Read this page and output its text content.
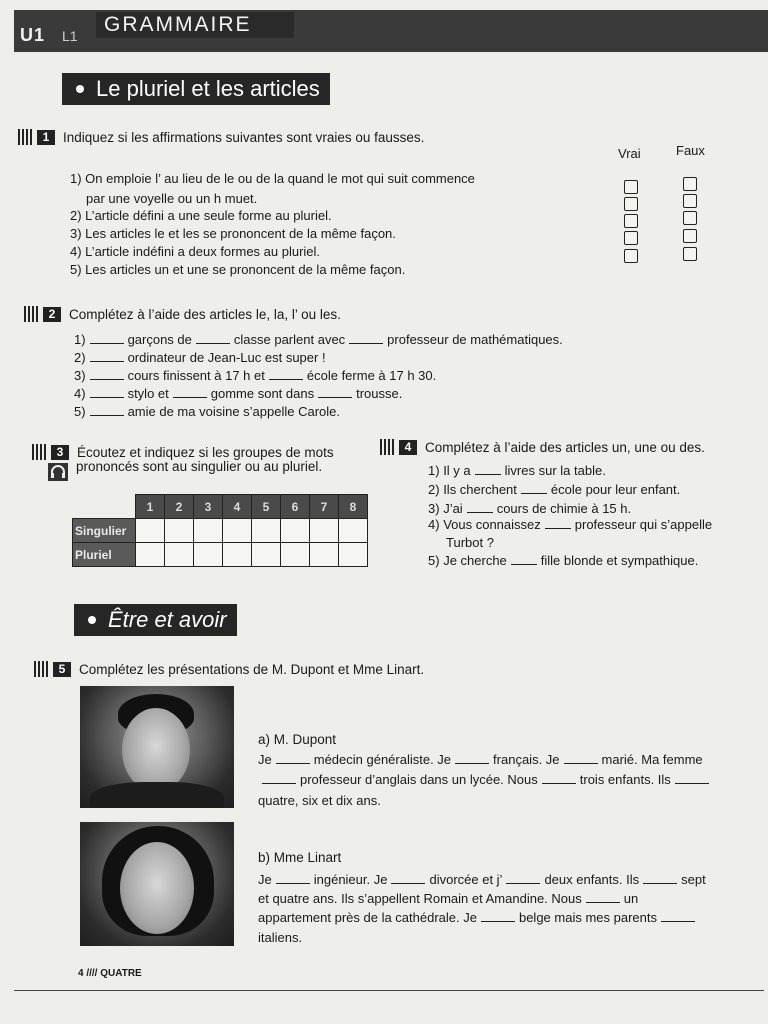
U1 L1	GRAMMAIRE
Le pluriel et les articles
1	Indiquez si les affirmations suivantes sont vraies ou fausses.
Vrai	Faux
1) On emploie l’ au lieu de le ou de la quand le mot qui suit commence
par une voyelle ou un h muet.
2) L’article défini a une seule forme au pluriel.
3) Les articles le et les se prononcent de la même façon.
4) L’article indéfini a deux formes au pluriel.
5) Les articles un et une se prononcent de la même façon.
2	Complétez à l’aide des articles le, la, l’ ou les.
1)	garçons de	classe parlent avec	professeur de mathématiques.
2)	ordinateur de Jean-Luc est super !
3)	cours finissent à 17 h et	école ferme à 17 h 30.
4)	stylo et	gomme sont dans	trousse.
5)	amie de ma voisine s’appelle Carole.
3	Écoutez et indiquez si les groupes de mots
prononcés sont au singulier ou au pluriel.
	1	2	3	4	5	6	7	8
Singulier								
Pluriel								
4	Complétez à l’aide des articles un, une ou des.
1) Il y a	livres sur la table.
2) Ils cherchent	école pour leur enfant.
3) J’ai	cours de chimie à 15 h.
4) Vous connaissez	professeur qui s’appelle
Turbot ?
5) Je cherche	fille blonde et sympathique.
Être et avoir
5	Complétez les présentations de M. Dupont et Mme Linart.
a) M. Dupont
Je	médecin généraliste. Je	français. Je	marié. Ma femme
professeur d’anglais dans un lycée. Nous	trois enfants. Ils
quatre, six et dix ans.
b) Mme Linart
Je	ingénieur. Je	divorcée et j’	deux enfants. Ils	sept
et quatre ans. Ils s’appellent Romain et Amandine. Nous	un
appartement près de la cathédrale. Je	belge mais mes parents
italiens.
4 //// QUATRE
